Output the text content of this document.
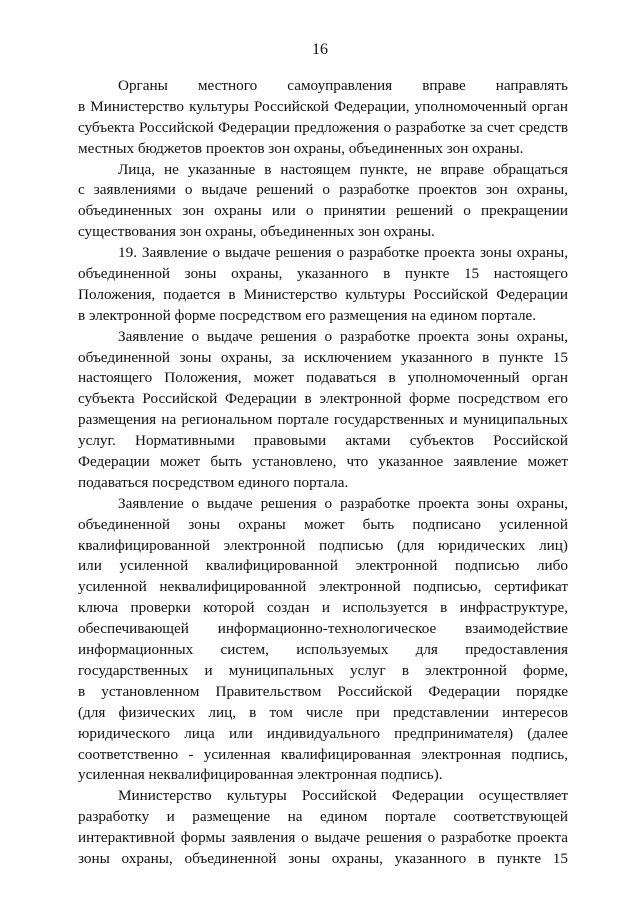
16
Органы местного самоуправления вправе направлять
в Министерство культуры Российской Федерации, уполномоченный орган
субъекта Российской Федерации предложения о разработке за счет средств
местных бюджетов проектов зон охраны, объединенных зон охраны.
Лица, не указанные в настоящем пункте, не вправе обращаться
с заявлениями о выдаче решений о разработке проектов зон охраны,
объединенных зон охраны или о принятии решений о прекращении
существования зон охраны, объединенных зон охраны.
19. Заявление о выдаче решения о разработке проекта зоны охраны,
объединенной зоны охраны, указанного в пункте 15 настоящего
Положения, подается в Министерство культуры Российской Федерации
в электронной форме посредством его размещения на едином портале.
Заявление о выдаче решения о разработке проекта зоны охраны,
объединенной зоны охраны, за исключением указанного в пункте 15
настоящего Положения, может подаваться в уполномоченный орган
субъекта Российской Федерации в электронной форме посредством его
размещения на региональном портале государственных и муниципальных
услуг. Нормативными правовыми актами субъектов Российской
Федерации может быть установлено, что указанное заявление может
подаваться посредством единого портала.
Заявление о выдаче решения о разработке проекта зоны охраны,
объединенной зоны охраны может быть подписано усиленной
квалифицированной электронной подписью (для юридических лиц)
или усиленной квалифицированной электронной подписью либо
усиленной неквалифицированной электронной подписью, сертификат
ключа проверки которой создан и используется в инфраструктуре,
обеспечивающей информационно-технологическое взаимодействие
информационных систем, используемых для предоставления
государственных и муниципальных услуг в электронной форме,
в установленном Правительством Российской Федерации порядке
(для физических лиц, в том числе при представлении интересов
юридического лица или индивидуального предпринимателя) (далее
соответственно - усиленная квалифицированная электронная подпись,
усиленная неквалифицированная электронная подпись).
Министерство культуры Российской Федерации осуществляет
разработку и размещение на едином портале соответствующей
интерактивной формы заявления о выдаче решения о разработке проекта
зоны охраны, объединенной зоны охраны, указанного в пункте 15
